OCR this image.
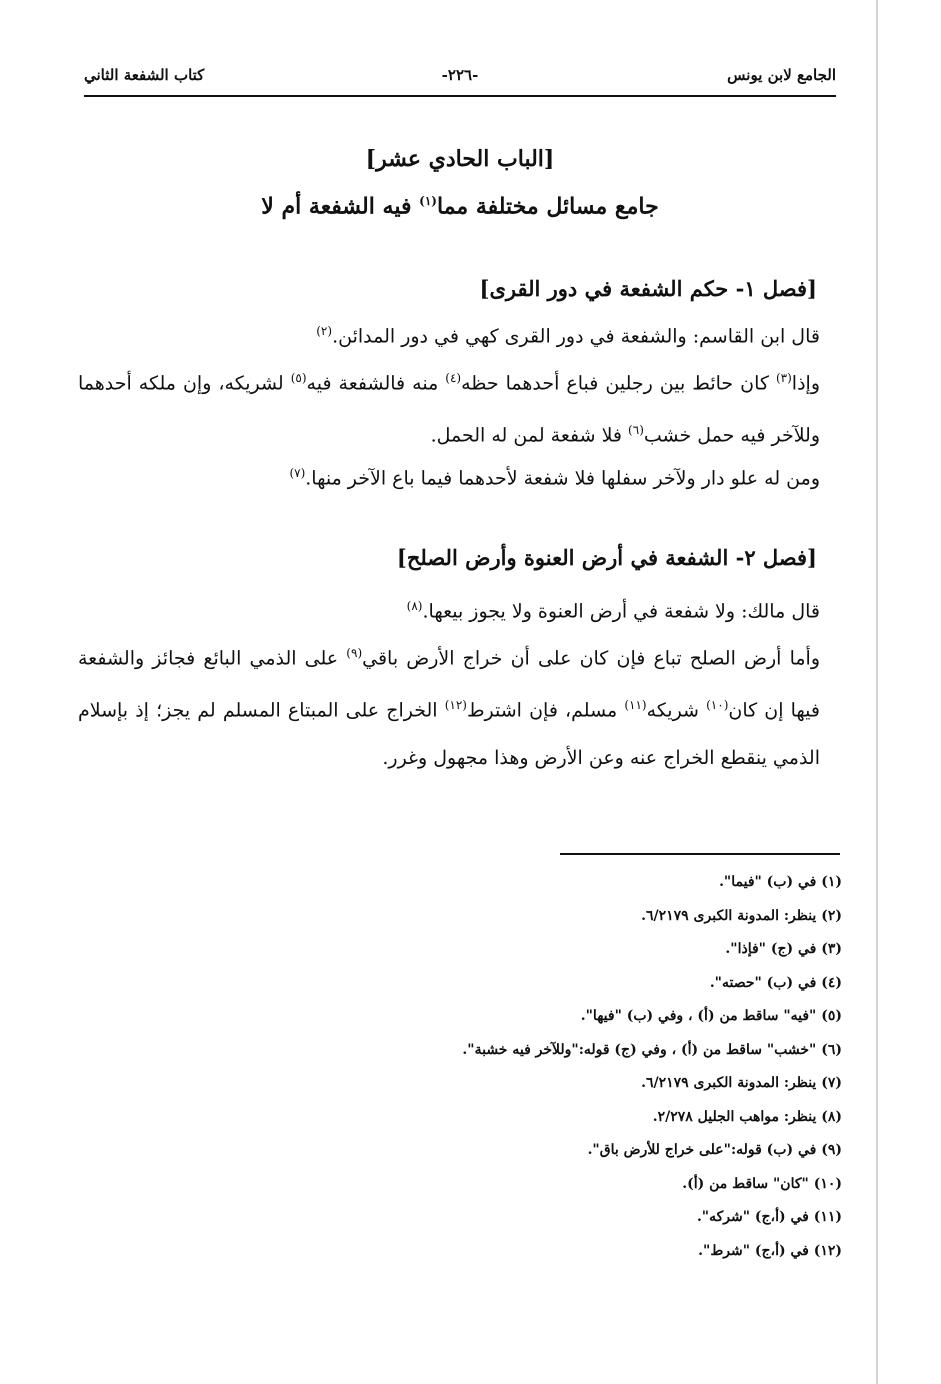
الجامع لابن يونس
-٢٢٦-
كتاب الشفعة الثاني

[الباب الحادي عشر]

جامع مسائل مختلفة مما$^{(١)}$ فيه الشفعة أم لا

[فصل ١- حكم الشفعة في دور القرى]
قال ابن القاسم: والشفعة في دور القرى كهي في دور المدائن.$^{(٢)}$
وإذا$^{(٣)}$ كان حائط بين رجلين فباع أحدهما حظه$^{(٤)}$ منه فالشفعة فيه$^{(٥)}$ لشريكه، وإن ملكه أحدهما وللآخر فيه حمل خشب$^{(٦)}$ فلا شفعة لمن له الحمل.
ومن له علو دار ولآخر سفلها فلا شفعة لأحدهما فيما باع الآخر منها.$^{(٧)}$
[فصل ٢- الشفعة في أرض العنوة وأرض الصلح]
قال مالك: ولا شفعة في أرض العنوة ولا يجوز بيعها.$^{(٨)}$
وأما أرض الصلح تباع فإن كان على أن خراج الأرض باقي$^{(٩)}$ على الذمي البائع فجائز والشفعة فيها إن كان$^{(١٠)}$ شريكه$^{(١١)}$ مسلم، فإن اشترط$^{(١٢)}$ الخراج على المبتاع المسلم لم يجز؛ إذ بإسلام الذمي ينقطع الخراج عنه وعن الأرض وهذا مجهول وغرر.

(١) في (ب) "فيما".

(٢) ينظر: المدونة الكبرى ٦/٢١٧٩.

(٣) في (ج) "فإذا".

(٤) في (ب) "حصته".

(٥) "فيه" ساقط من (أ) ، وفي (ب) "فيها".

(٦) "خشب" ساقط من (أ) ، وفي (ج) قوله:"وللآخر فيه خشبة".

(٧) ينظر: المدونة الكبرى ٦/٢١٧٩.

(٨) ينظر: مواهب الجليل ٢/٢٧٨.

(٩) في (ب) قوله:"على خراج للأرض باق".

(١٠) "كان" ساقط من (أ).

(١١) في (أ،ج) "شركه".

(١٢) في (أ،ج) "شرط".
